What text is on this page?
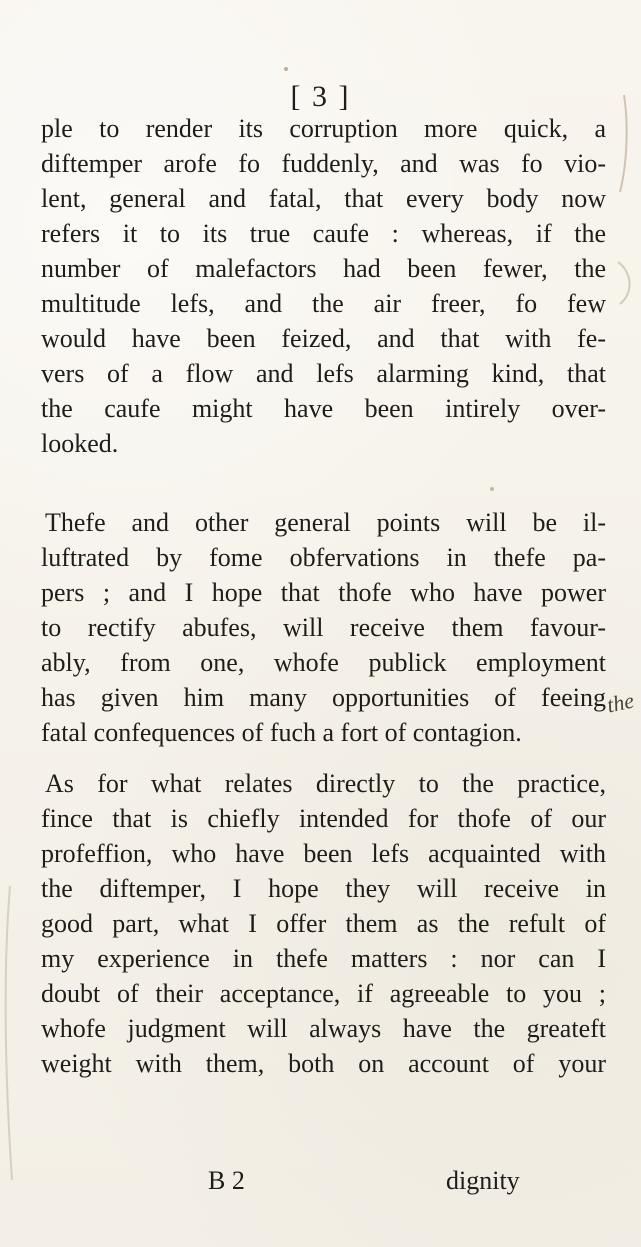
[ 3 ]
ple to render its corruption more quick, a
diftemper arofe fo fuddenly, and was fo vio-
lent, general and fatal, that every body now
refers it to its true caufe : whereas, if the
number of malefactors had been fewer, the
multitude lefs, and the air freer, fo few
would have been feized, and that with fe-
vers of a flow and lefs alarming kind, that
the caufe might have been intirely over-
looked.
Thefe and other general points will be il-
luftrated by fome obfervations in thefe pa-
pers ; and I hope that thofe who have power
to rectify abufes, will receive them favour-
ably, from one, whofe publick employment
has given him many opportunities of feeing
fatal confequences of fuch a fort of contagion.
the
As for what relates directly to the practice,
fince that is chiefly intended for thofe of our
profeffion, who have been lefs acquainted with
the diftemper, I hope they will receive in
good part, what I offer them as the refult of
my experience in thefe matters : nor can I
doubt of their acceptance, if agreeable to you ;
whofe judgment will always have the greateft
weight with them, both on account of your
B 2	dignity
